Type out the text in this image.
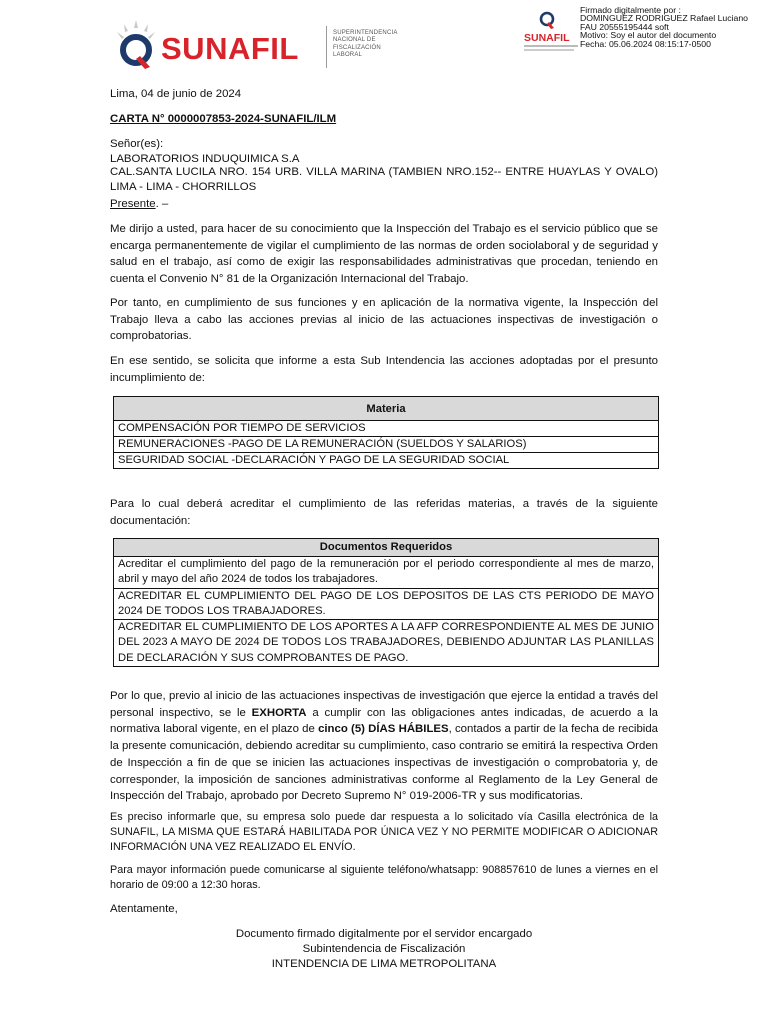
SUNAFIL	SUPERINTENDENCIA
NACIONAL DE
FISCALIZACIÓN
LABORAL
SUNAFIL
Firmado digitalmente por :
DOMINGUEZ RODRIGUEZ Rafael Luciano
FAU 20555195444 soft
Motivo: Soy el autor del documento
Fecha: 05.06.2024 08:15:17-0500
Lima, 04 de junio de 2024
CARTA N° 0000007853-2024-SUNAFIL/ILM
Señor(es):
LABORATORIOS INDUQUIMICA S.A
CAL.SANTA LUCILA NRO. 154 URB. VILLA MARINA (TAMBIEN NRO.152-- ENTRE HUAYLAS Y OVALO) LIMA - LIMA - CHORRILLOS
Presente. –
Me dirijo a usted, para hacer de su conocimiento que la Inspección del Trabajo es el servicio público que se encarga permanentemente de vigilar el cumplimiento de las normas de orden sociolaboral y de seguridad y salud en el trabajo, así como de exigir las responsabilidades administrativas que procedan, teniendo en cuenta el Convenio N° 81 de la Organización Internacional del Trabajo.
Por tanto, en cumplimiento de sus funciones y en aplicación de la normativa vigente, la Inspección del Trabajo lleva a cabo las acciones previas al inicio de las actuaciones inspectivas de investigación o comprobatorias.
En ese sentido, se solicita que informe a esta Sub Intendencia las acciones adoptadas por el presunto incumplimiento de:
Materia
COMPENSACIÓN POR TIEMPO DE SERVICIOS
REMUNERACIONES -PAGO DE LA REMUNERACIÓN (SUELDOS Y SALARIOS)
SEGURIDAD SOCIAL -DECLARACIÓN Y PAGO DE LA SEGURIDAD SOCIAL
Para lo cual deberá acreditar el cumplimiento de las referidas materias, a través de la siguiente documentación:
Documentos Requeridos
Acreditar el cumplimiento del pago de la remuneración por el periodo correspondiente al mes de marzo, abril y mayo del año 2024 de todos los trabajadores.
ACREDITAR EL CUMPLIMIENTO DEL PAGO DE LOS DEPOSITOS DE LAS CTS PERIODO DE MAYO 2024 DE TODOS LOS TRABAJADORES.
ACREDITAR EL CUMPLIMIENTO DE LOS APORTES A LA AFP CORRESPONDIENTE AL MES DE JUNIO DEL 2023 A MAYO DE 2024 DE TODOS LOS TRABAJADORES, DEBIENDO ADJUNTAR LAS PLANILLAS DE DECLARACIÓN Y SUS COMPROBANTES DE PAGO.
Por lo que, previo al inicio de las actuaciones inspectivas de investigación que ejerce la entidad a través del personal inspectivo, se le EXHORTA a cumplir con las obligaciones antes indicadas, de acuerdo a la normativa laboral vigente, en el plazo de cinco (5) DÍAS HÁBILES, contados a partir de la fecha de recibida la presente comunicación, debiendo acreditar su cumplimiento, caso contrario se emitirá la respectiva Orden de Inspección a fin de que se inicien las actuaciones inspectivas de investigación o comprobatoria y, de corresponder, la imposición de sanciones administrativas conforme al Reglamento de la Ley General de Inspección del Trabajo, aprobado por Decreto Supremo N° 019-2006-TR y sus modificatorias.
Es preciso informarle que, su empresa solo puede dar respuesta a lo solicitado vía Casilla electrónica de la SUNAFIL, LA MISMA QUE ESTARÁ HABILITADA POR ÚNICA VEZ Y NO PERMITE MODIFICAR O ADICIONAR INFORMACIÓN UNA VEZ REALIZADO EL ENVÍO.
Para mayor información puede comunicarse al siguiente teléfono/whatsapp: 908857610 de lunes a viernes en el horario de 09:00 a 12:30 horas.
Atentamente,
Documento firmado digitalmente por el servidor encargado
Subintendencia de Fiscalización
INTENDENCIA DE LIMA METROPOLITANA
